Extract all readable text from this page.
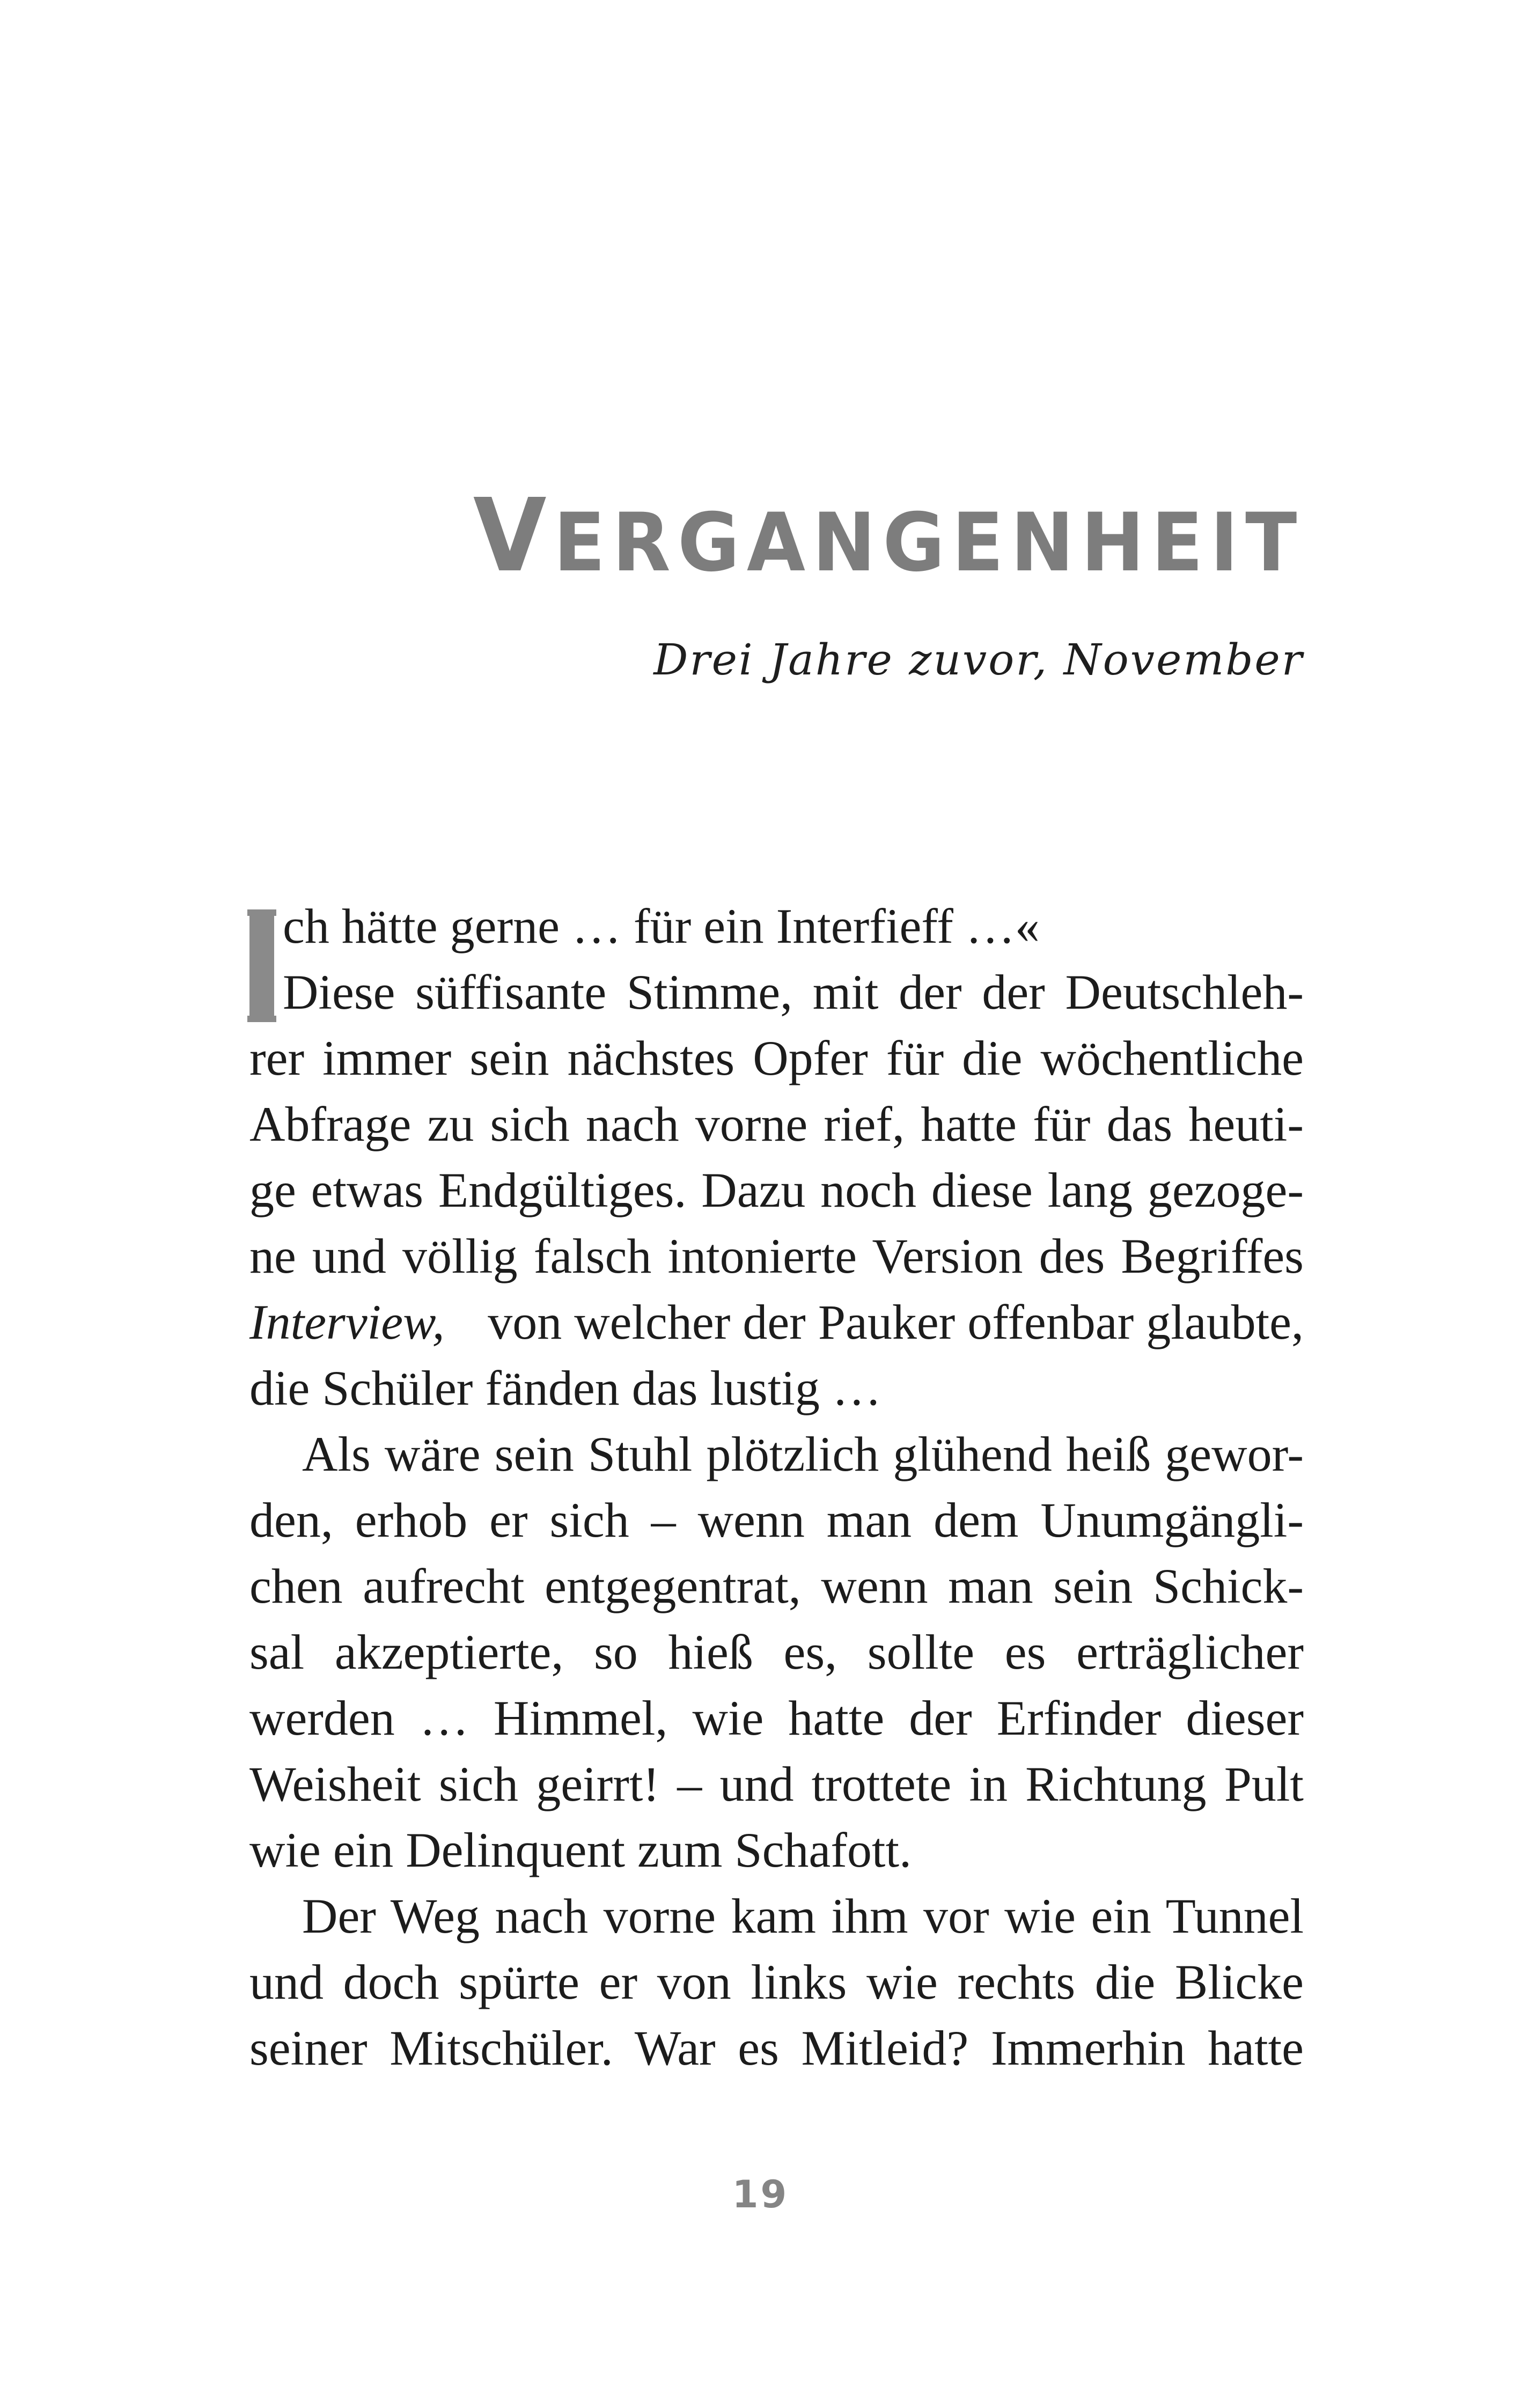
VERGANGENHEIT
Drei Jahre zuvor, November
ch hätte gerne … für ein Interfieff …«
Diese süffisante Stimme, mit der der Deutschleh-
rer immer sein nächstes Opfer für die wöchentliche
Abfrage zu sich nach vorne rief, hatte für das heuti-
ge etwas Endgültiges. Dazu noch diese lang gezoge-
ne und völlig falsch intonierte Version des Begriffes
Interview, von welcher der Pauker offenbar glaubte,
die Schüler fänden das lustig …
Als wäre sein Stuhl plötzlich glühend heiß gewor-
den, erhob er sich – wenn man dem Unumgängli-
chen aufrecht entgegentrat, wenn man sein Schick-
sal akzeptierte, so hieß es, sollte es erträglicher
werden … Himmel, wie hatte der Erfinder dieser
Weisheit sich geirrt! – und trottete in Richtung Pult
wie ein Delinquent zum Schafott.
Der Weg nach vorne kam ihm vor wie ein Tunnel
und doch spürte er von links wie rechts die Blicke
seiner Mitschüler. War es Mitleid? Immerhin hatte
19
